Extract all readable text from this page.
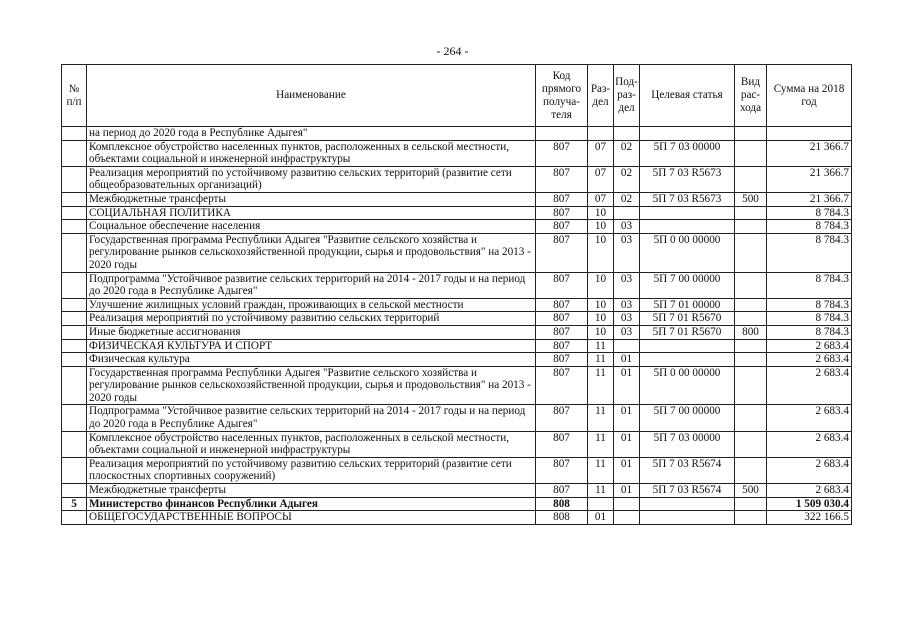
- 264 -
№ п/п	Наименование	Код прямого получа-теля	Раз-дел	Под-раз-дел	Целевая статья	Вид рас-хода	Сумма на 2018 год
	на период до 2020 года в Республике Адыгея"						
	Комплексное обустройство населенных пунктов, расположенных в сельской местности, объектами социальной и инженерной инфраструктуры	807	07	02	5П 7 03 00000		21 366.7
	Реализация мероприятий по устойчивому развитию сельских территорий (развитие сети общеобразовательных организаций)	807	07	02	5П 7 03 R5673		21 366.7
	Межбюджетные трансферты	807	07	02	5П 7 03 R5673	500	21 366.7
	СОЦИАЛЬНАЯ ПОЛИТИКА	807	10				8 784.3
	Социальное обеспечение населения	807	10	03			8 784.3
	Государственная программа Республики Адыгея "Развитие сельского хозяйства и регулирование рынков сельскохозяйственной продукции, сырья и продовольствия" на 2013 - 2020 годы	807	10	03	5П 0 00 00000		8 784.3
	Подпрограмма "Устойчивое развитие сельских территорий на 2014 - 2017 годы и на период до 2020 года в Республике Адыгея"	807	10	03	5П 7 00 00000		8 784.3
	Улучшение жилищных условий граждан, проживающих в сельской местности	807	10	03	5П 7 01 00000		8 784.3
	Реализация мероприятий по устойчивому развитию сельских территорий	807	10	03	5П 7 01 R5670		8 784.3
	Иные бюджетные ассигнования	807	10	03	5П 7 01 R5670	800	8 784.3
	ФИЗИЧЕСКАЯ КУЛЬТУРА И СПОРТ	807	11				2 683.4
	Физическая культура	807	11	01			2 683.4
	Государственная программа Республики Адыгея "Развитие сельского хозяйства и регулирование рынков сельскохозяйственной продукции, сырья и продовольствия" на 2013 - 2020 годы	807	11	01	5П 0 00 00000		2 683.4
	Подпрограмма "Устойчивое развитие сельских территорий на 2014 - 2017 годы и на период до 2020 года в Республике Адыгея"	807	11	01	5П 7 00 00000		2 683.4
	Комплексное обустройство населенных пунктов, расположенных в сельской местности, объектами социальной и инженерной инфраструктуры	807	11	01	5П 7 03 00000		2 683.4
	Реализация мероприятий по устойчивому развитию сельских территорий (развитие сети плоскостных спортивных сооружений)	807	11	01	5П 7 03 R5674		2 683.4
	Межбюджетные трансферты	807	11	01	5П 7 03 R5674	500	2 683.4
5	Министерство финансов Республики Адыгея	808					1 509 030.4
	ОБЩЕГОСУДАРСТВЕННЫЕ ВОПРОСЫ	808	01				322 166.5
